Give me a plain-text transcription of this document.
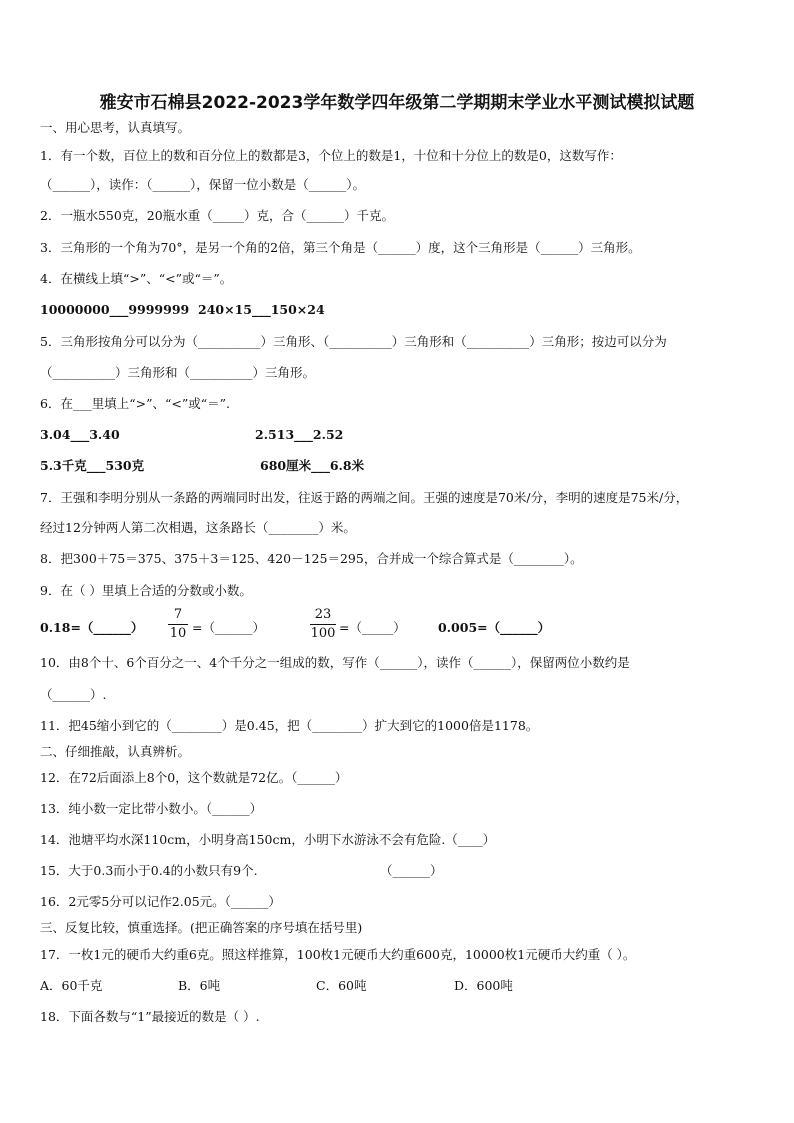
雅安市石棉县2022-2023学年数学四年级第二学期期末学业水平测试模拟试题
一、用心思考，认真填写。
1．有一个数，百位上的数和百分位上的数都是3，个位上的数是1，十位和十分位上的数是0，这数写作：
（______），读作：（______），保留一位小数是（______）。
2．一瓶水550克，20瓶水重（_____）克，合（______）千克。
3．三角形的一个角为70°，是另一个角的2倍，第三个角是（______）度，这个三角形是（______）三角形。
4．在横线上填“>”、“<”或“＝”。
10000000___9999999 240×15___150×24
5．三角形按角分可以分为（__________）三角形、（__________）三角形和（__________）三角形；按边可以分为
（__________）三角形和（__________）三角形。
6．在___里填上“>”、“<”或“＝”.
3.04___3.40	2.513___2.52
5.3千克___530克	680厘米___6.8米
7．王强和李明分别从一条路的两端同时出发，往返于路的两端之间。王强的速度是70米/分，李明的速度是75米/分，
经过12分钟两人第二次相遇，这条路长（________）米。
8．把300＋75＝375、375＋3＝125、420－125＝295，合并成一个综合算式是（________）。
9．在（ ）里填上合适的分数或小数。
0.18=（______）
7
10 =（______）
23
100 =（_____）	0.005=（______）
10．由8个十、6个百分之一、4个千分之一组成的数，写作（______），读作（______），保留两位小数约是
（______）.
11．把45缩小到它的（________）是0.45，把（________）扩大到它的1000倍是1178。
二、仔细推敲，认真辨析。
12．在72后面添上8个0，这个数就是72亿。（______）
13．纯小数一定比带小数小。（______）
14．池塘平均水深110cm，小明身高150cm，小明下水游泳不会有危险.（____）
15．大于0.3而小于0.4的小数只有9个.	（______）
16．2元零5分可以记作2.05元。（______）
三、反复比较，慎重选择。(把正确答案的序号填在括号里)
17．一枚1元的硬币大约重6克。照这样推算，100枚1元硬币大约重600克，10000枚1元硬币大约重（ ）。
A．60千克	B．6吨	C．60吨	D．600吨
18．下面各数与“1”最接近的数是（ ）.
